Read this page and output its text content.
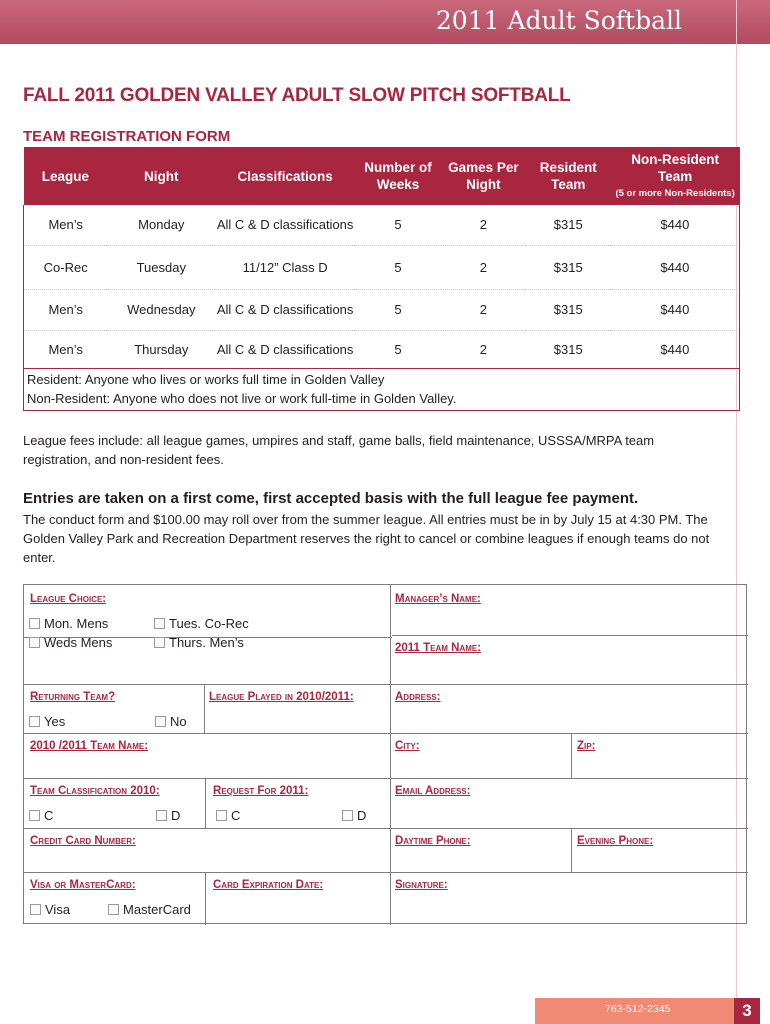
2011 Adult Softball
FALL 2011 GOLDEN VALLEY ADULT SLOW PITCH SOFTBALL
TEAM REGISTRATION FORM
League	Night	Classifications	Number of Weeks	Games Per Night	Resident Team	Non-Resident Team
(5 or more Non-Residents)

Men’s	Monday	All C & D classifications	5	2	$315	$440
Co-Rec	Tuesday	11/12” Class D	5	2	$315	$440
Men’s	Wednesday	All C & D classifications	5	2	$315	$440
Men’s	Thursday	All C & D classifications	5	2	$315	$440

Resident: Anyone who lives or works full time in Golden Valley
Non-Resident: Anyone who does not live or work full-time in Golden Valley.						
League fees include: all league games, umpires and staff, game balls, field maintenance, USSSA/MRPA team registration, and non-resident fees.
Entries are taken on a first come, first accepted basis with the full league fee payment.
The conduct form and $100.00 may roll over from the summer league. All entries must be in by July 15 at 4:30 PM. The Golden Valley Park and Recreation Department reserves the right to cancel or combine leagues if enough teams do not enter.
League Choice:
Mon. Mens	Tues. Co-Rec
Weds Mens	Thurs. Men’s
Manager’s Name:
2011 Team Name:
Returning Team?
Yes	No
League Played in 2010/2011:	Address:
2010 /2011 Team Name:	City:	Zip:
Team Classification 2010:
C	D
Request For 2011:
C	D
Email Address:
Credit Card Number:	Daytime Phone:	Evening Phone:
Visa or MasterCard:
Visa	MasterCard
Card Expiration Date:	Signature:
763-512-2345	3
